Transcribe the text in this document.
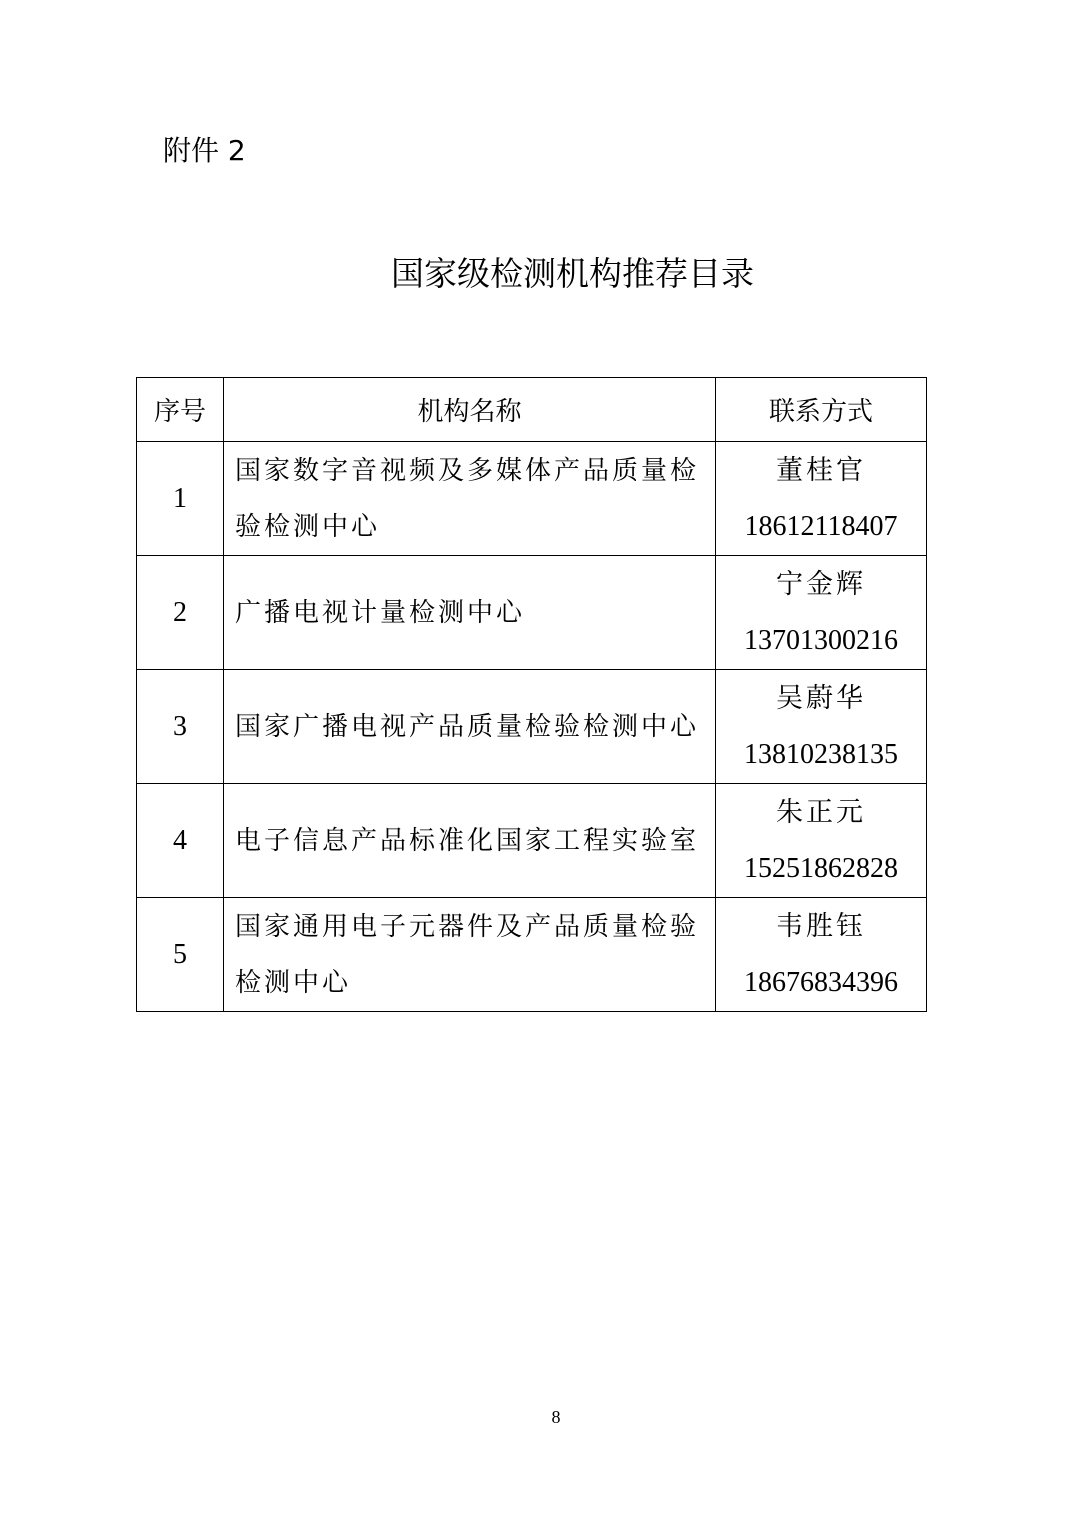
附件 2
国家级检测机构推荐目录
序号	机构名称	联系方式
1	国家数字音视频及多媒体产品质量检验检测中心	董桂官
18612118407

2	广播电视计量检测中心	宁金辉
13701300216

3	国家广播电视产品质量检验检测中心	吴蔚华
13810238135

4	电子信息产品标准化国家工程实验室	朱正元
15251862828

5	国家通用电子元器件及产品质量检验检测中心	韦胜钰
18676834396
8
